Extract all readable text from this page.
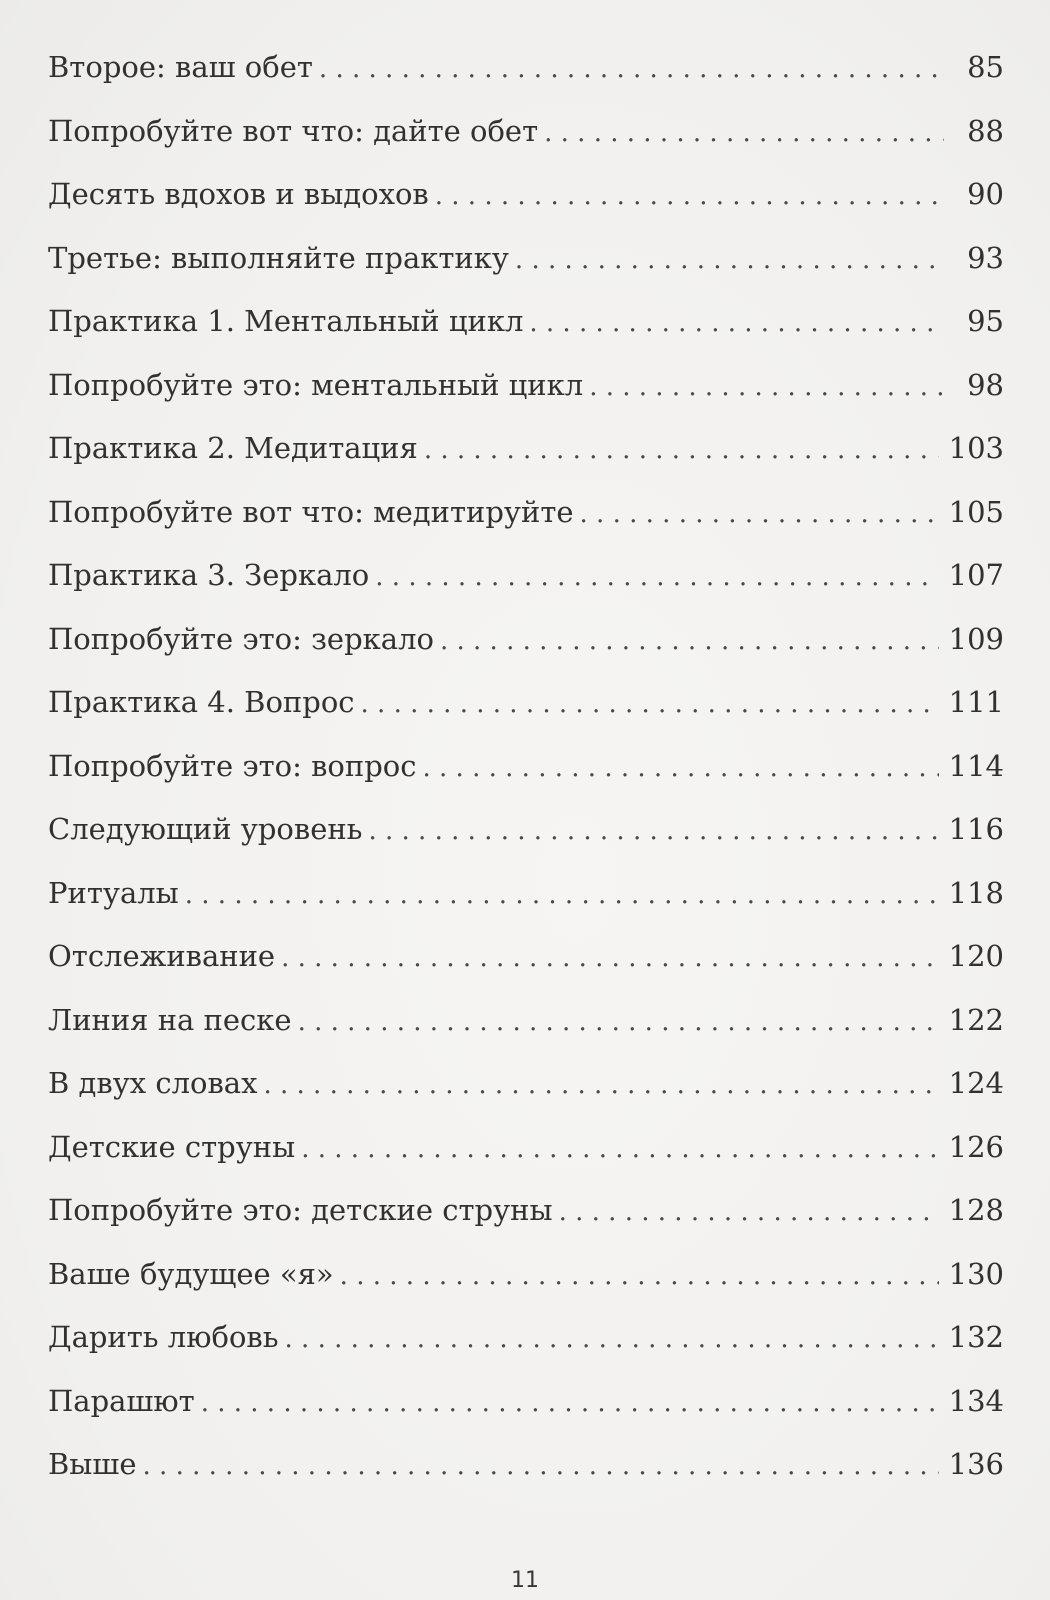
Второе: ваш обет . . .	85
Попробуйте вот что: дайте обет . . .	88
Десять вдохов и выдохов . . .	90
Третье: выполняйте практику . . .	93
Практика 1. Ментальный цикл . . .	95
Попробуйте это: ментальный цикл . . .	98
Практика 2. Медитация . . .	103
Попробуйте вот что: медитируйте . . .	105
Практика 3. Зеркало . . .	107
Попробуйте это: зеркало . . .	109
Практика 4. Вопрос . . .	111
Попробуйте это: вопрос . . .	114
Следующий уровень . . .	116
Ритуалы . . .	118
Отслеживание . . .	120
Линия на песке . . .	122
В двух словах . . .	124
Детские струны . . .	126
Попробуйте это: детские струны . . .	128
Ваше будущее «я» . . .	130
Дарить любовь . . .	132
Парашют . . .	134
Выше . . .	136
11
